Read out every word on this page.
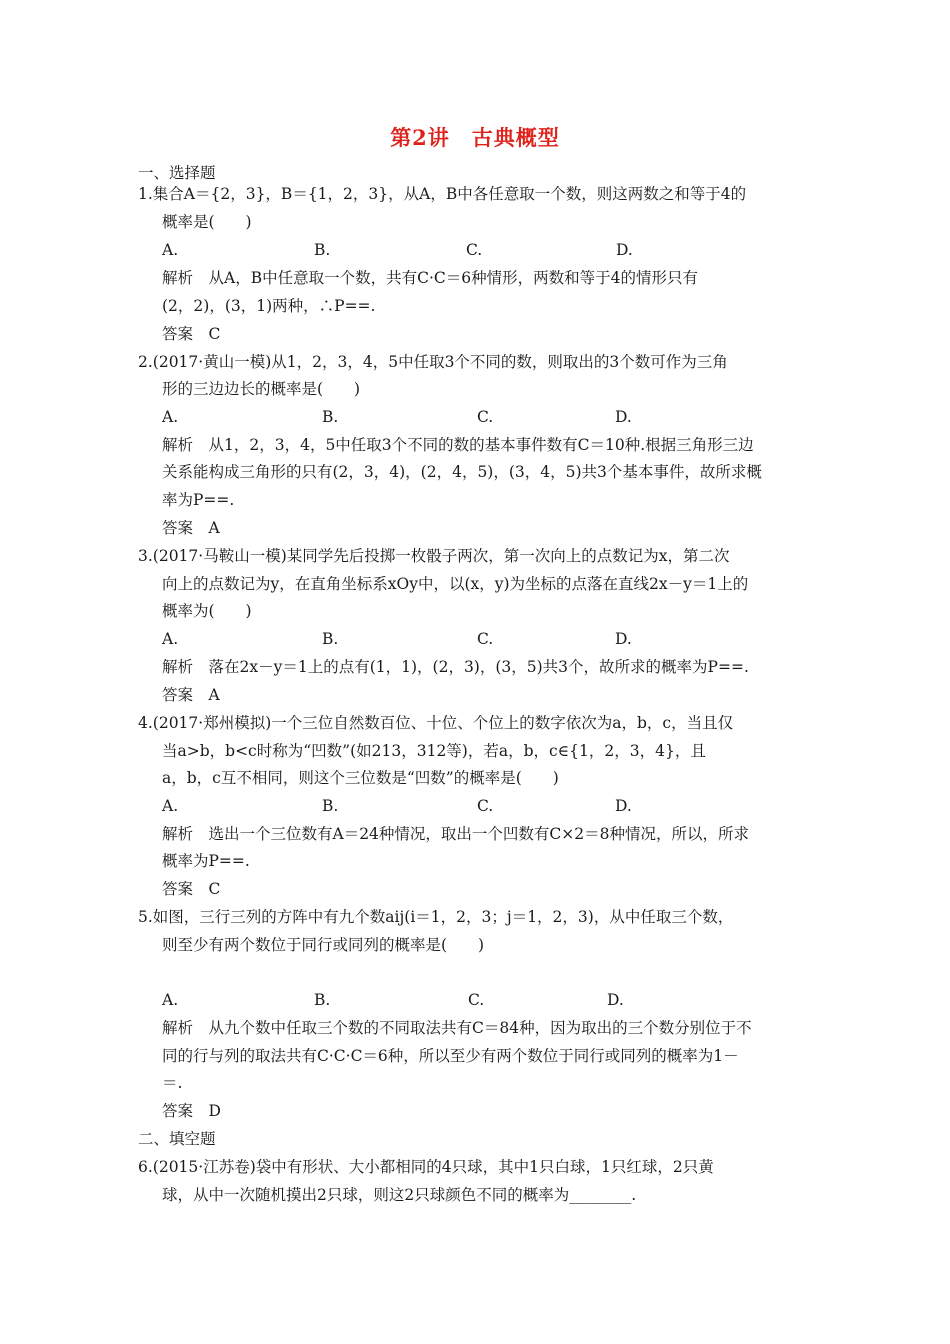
第2讲　古典概型
一、选择题
1.集合A＝{2，3}，B＝{1，2，3}，从A，B中各任意取一个数，则这两数之和等于4的
概率是(　　)
A.	B.	C.	D.
解析　从A，B中任意取一个数，共有C·C＝6种情形，两数和等于4的情形只有
(2，2)，(3，1)两种，∴P==.
答案　C
2.(2017·黄山一模)从1，2，3，4，5中任取3个不同的数，则取出的3个数可作为三角
形的三边边长的概率是(　　)
A.	B.	C.	D.
解析　从1，2，3，4，5中任取3个不同的数的基本事件数有C＝10种.根据三角形三边
关系能构成三角形的只有(2，3，4)，(2，4，5)，(3，4，5)共3个基本事件，故所求概
率为P==.
答案　A
3.(2017·马鞍山一模)某同学先后投掷一枚骰子两次，第一次向上的点数记为x，第二次
向上的点数记为y，在直角坐标系xOy中，以(x，y)为坐标的点落在直线2x－y＝1上的
概率为(　　)
A.	B.	C.	D.
解析　落在2x－y＝1上的点有(1，1)，(2，3)，(3，5)共3个，故所求的概率为P==.
答案　A
4.(2017·郑州模拟)一个三位自然数百位、十位、个位上的数字依次为a，b，c，当且仅
当a>b，b<c时称为“凹数”(如213，312等)，若a，b，c∈{1，2，3，4}，且
a，b，c互不相同，则这个三位数是“凹数”的概率是(　　)
A.	B.	C.	D.
解析　选出一个三位数有A＝24种情况，取出一个凹数有C×2＝8种情况，所以，所求
概率为P==.
答案　C
5.如图，三行三列的方阵中有九个数aij(i＝1，2，3；j＝1，2，3)，从中任取三个数，
则至少有两个数位于同行或同列的概率是(　　)
A.	B.	C.	D.
解析　从九个数中任取三个数的不同取法共有C＝84种，因为取出的三个数分别位于不
同的行与列的取法共有C·C·C＝6种，所以至少有两个数位于同行或同列的概率为1－
＝.
答案　D
二、填空题
6.(2015·江苏卷)袋中有形状、大小都相同的4只球，其中1只白球，1只红球，2只黄
球，从中一次随机摸出2只球，则这2只球颜色不同的概率为________.
